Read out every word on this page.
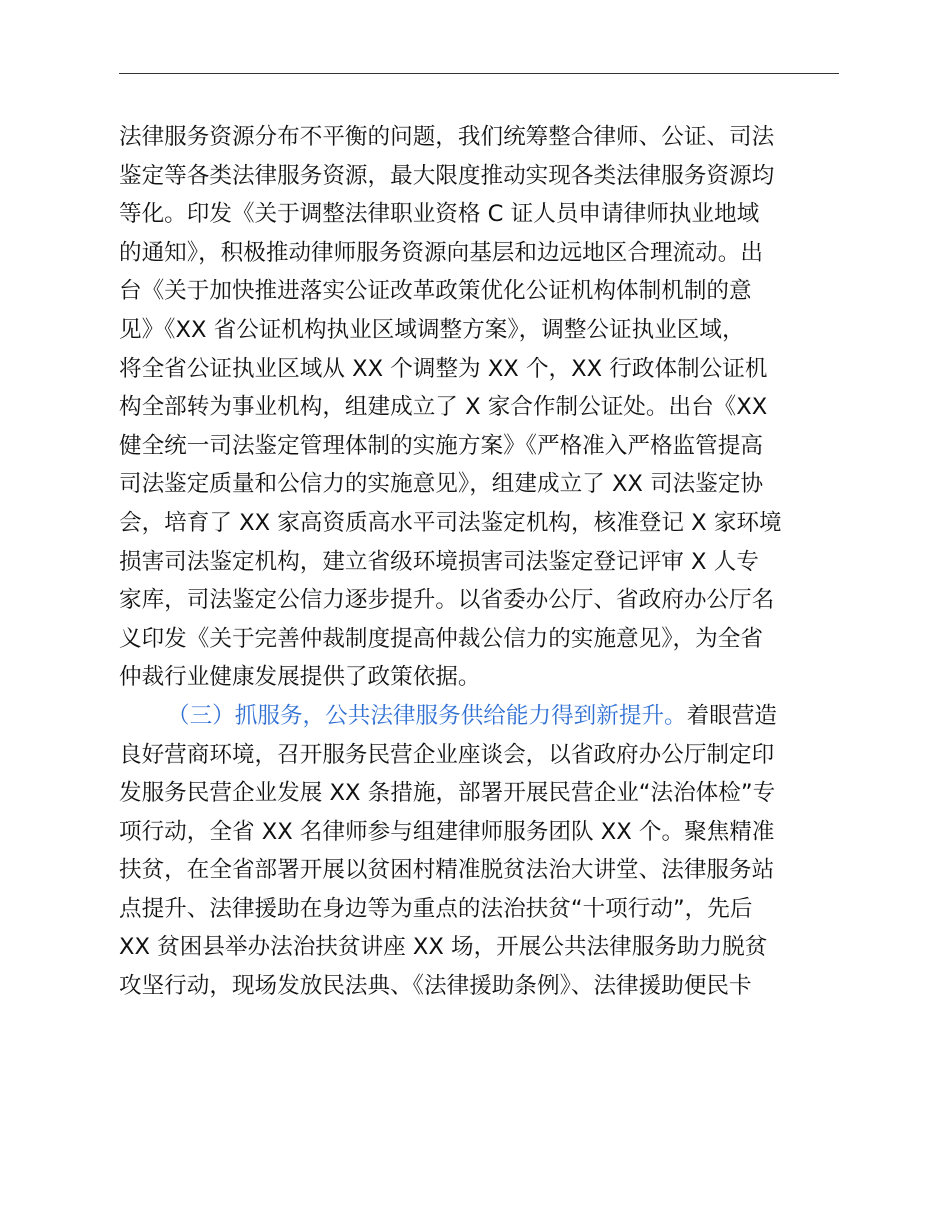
法律服务资源分布不平衡的问题，我们统筹整合律师、公证、司法
鉴定等各类法律服务资源，最大限度推动实现各类法律服务资源均
等化。印发《关于调整法律职业资格 C 证人员申请律师执业地域
的通知》，积极推动律师服务资源向基层和边远地区合理流动。出
台《关于加快推进落实公证改革政策优化公证机构体制机制的意
见》《XX 省公证机构执业区域调整方案》，调整公证执业区域，
将全省公证执业区域从 XX 个调整为 XX 个，XX 行政体制公证机
构全部转为事业机构，组建成立了 X 家合作制公证处。出台《XX
健全统一司法鉴定管理体制的实施方案》《严格准入严格监管提高
司法鉴定质量和公信力的实施意见》，组建成立了 XX 司法鉴定协
会，培育了 XX 家高资质高水平司法鉴定机构，核准登记 X 家环境
损害司法鉴定机构，建立省级环境损害司法鉴定登记评审 X 人专
家库，司法鉴定公信力逐步提升。以省委办公厅、省政府办公厅名
义印发《关于完善仲裁制度提高仲裁公信力的实施意见》，为全省
仲裁行业健康发展提供了政策依据。
（三）抓服务，公共法律服务供给能力得到新提升。着眼营造
良好营商环境，召开服务民营企业座谈会，以省政府办公厅制定印
发服务民营企业发展 XX 条措施，部署开展民营企业“法治体检”专
项行动，全省 XX 名律师参与组建律师服务团队 XX 个。聚焦精准
扶贫，在全省部署开展以贫困村精准脱贫法治大讲堂、法律服务站
点提升、法律援助在身边等为重点的法治扶贫“十项行动”，先后
XX 贫困县举办法治扶贫讲座 XX 场，开展公共法律服务助力脱贫
攻坚行动，现场发放民法典、《法律援助条例》、法律援助便民卡
